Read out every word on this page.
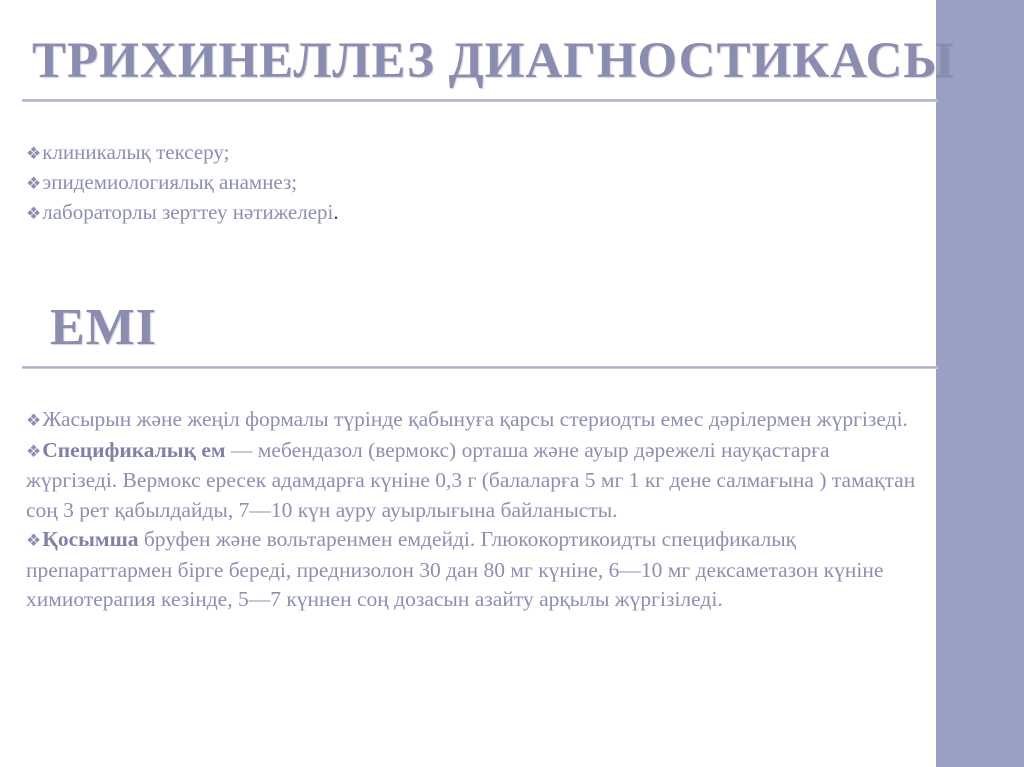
ТРИХИНЕЛЛЕЗ ДИАГНОСТИКАСЫ
❖клиникалық тексеру;
❖эпидемиологиялық анамнез;
❖лабораторлы зерттеу нәтижелері.
ЕМІ

❖Жасырын және жеңіл формалы түрінде қабынуға қарсы стериодты емес дәрілермен жүргізеді.

❖Спецификалық ем — мебендазол (вермокс) орташа және ауыр дәрежелі науқастарға жүргізеді. Вермокс ересек адамдарға күніне 0,3 г (балаларға 5 мг 1 кг дене салмағына ) тамақтан соң 3 рет қабылдайды, 7—10 күн ауру ауырлығына байланысты.

❖Қосымша бруфен және вольтаренмен емдейді. Глюкокортикоидты спецификалық препараттармен бірге береді, преднизолон 30 дан 80 мг күніне, 6—10 мг дексаметазон күніне химиотерапия кезінде, 5—7 күннен соң дозасын азайту арқылы жүргізіледі.
